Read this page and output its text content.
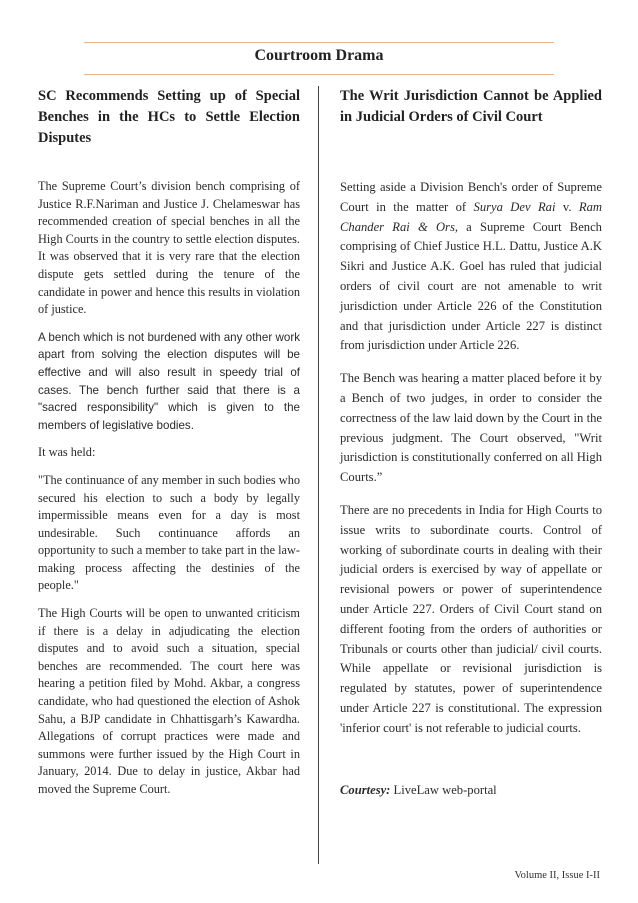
Courtroom Drama
SC Recommends Setting up of Special Benches in the HCs to Settle Election Disputes

The Supreme Court’s division bench comprising of Justice R.F.Nariman and Justice J. Chelameswar has recommended creation of special benches in all the High Courts in the country to settle election disputes. It was observed that it is very rare that the election dispute gets settled during the tenure of the candidate in power and hence this results in violation of justice.

A bench which is not burdened with any other work apart from solving the election disputes will be effective and will also result in speedy trial of cases. The bench further said that there is a "sacred responsibility" which is given to the members of legislative bodies.

It was held:

"The continuance of any member in such bodies who secured his election to such a body by legally impermissible means even for a day is most undesirable. Such continuance affords an opportunity to such a member to take part in the law-making process affecting the destinies of the people."

The High Courts will be open to unwanted criticism if there is a delay in adjudicating the election disputes and to avoid such a situation, special benches are recommended. The court here was hearing a petition filed by Mohd. Akbar, a congress candidate, who had questioned the election of Ashok Sahu, a BJP candidate in Chhattisgarh’s Kawardha. Allegations of corrupt practices were made and summons were further issued by the High Court in January, 2014. Due to delay in justice, Akbar had moved the Supreme Court.

The Writ Jurisdiction Cannot be Applied in Judicial Orders of Civil Court

Setting aside a Division Bench's order of Supreme Court in the matter of Surya Dev Rai v. Ram Chander Rai & Ors, a Supreme Court Bench comprising of Chief Justice H.L. Dattu, Justice A.K Sikri and Justice A.K. Goel has ruled that judicial orders of civil court are not amenable to writ jurisdiction under Article 226 of the Constitution and that jurisdiction under Article 227 is distinct from jurisdiction under Article 226.

The Bench was hearing a matter placed before it by a Bench of two judges, in order to consider the correctness of the law laid down by the Court in the previous judgment. The Court observed, "Writ jurisdiction is constitutionally conferred on all High Courts.”

There are no precedents in India for High Courts to issue writs to subordinate courts. Control of working of subordinate courts in dealing with their judicial orders is exercised by way of appellate or revisional powers or power of superintendence under Article 227. Orders of Civil Court stand on different footing from the orders of authorities or Tribunals or courts other than judicial/ civil courts. While appellate or revisional jurisdiction is regulated by statutes, power of superintendence under Article 227 is constitutional. The expression 'inferior court' is not referable to judicial courts.

Courtesy: LiveLaw web-portal

Volume II, Issue I-II
